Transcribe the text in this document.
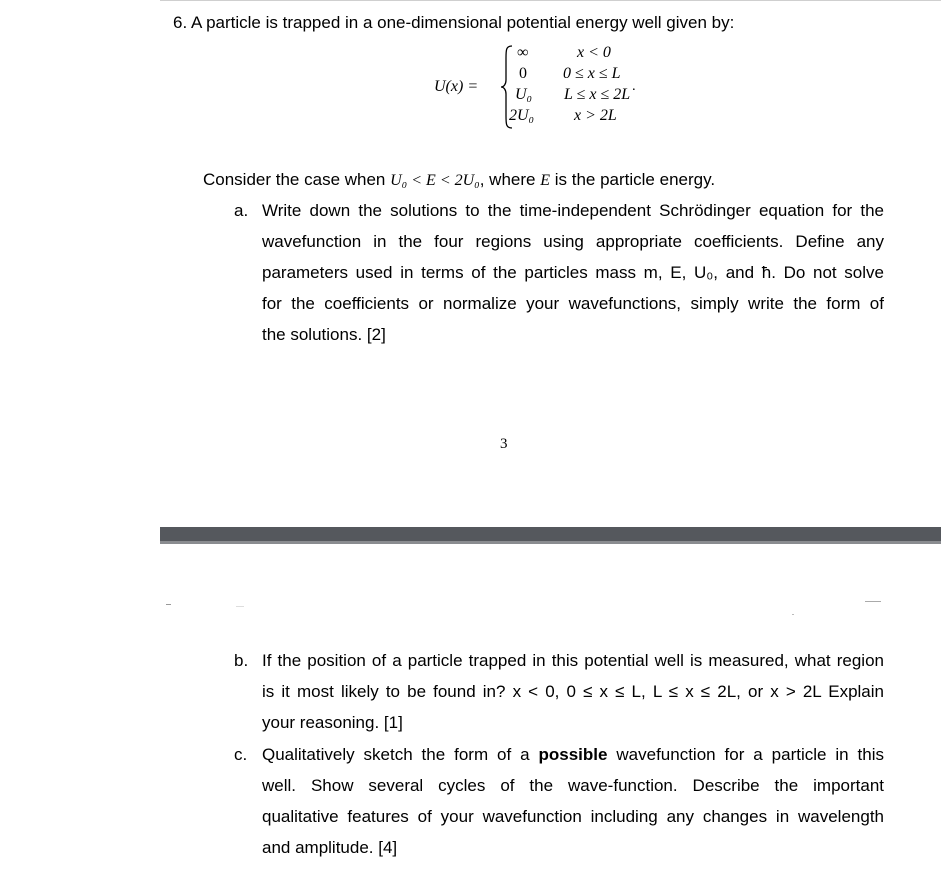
6. A particle is trapped in a one-dimensional potential energy well given by:
U(x) =
∞
0
U₀
2U₀
x < 0
0 ≤ x ≤ L
L ≤ x ≤ 2L˙
x > 2L
Consider the case when U₀ < E < 2U₀, where E is the particle energy.
a. Write down the solutions to the time-independent Schrödinger equation for the
wavefunction in the four regions using appropriate coefficients. Define any
parameters used in terms of the particles mass m, E, U₀, and ħ. Do not solve
for the coefficients or normalize your wavefunctions, simply write the form of
the solutions. [2]
3
b. If the position of a particle trapped in this potential well is measured, what region
is it most likely to be found in? x < 0, 0 ≤ x ≤ L, L ≤ x ≤ 2L, or x > 2L Explain
your reasoning. [1]
c. Qualitatively sketch the form of a possible wavefunction for a particle in this
well. Show several cycles of the wave-function. Describe the important
qualitative features of your wavefunction including any changes in wavelength
and amplitude. [4]
